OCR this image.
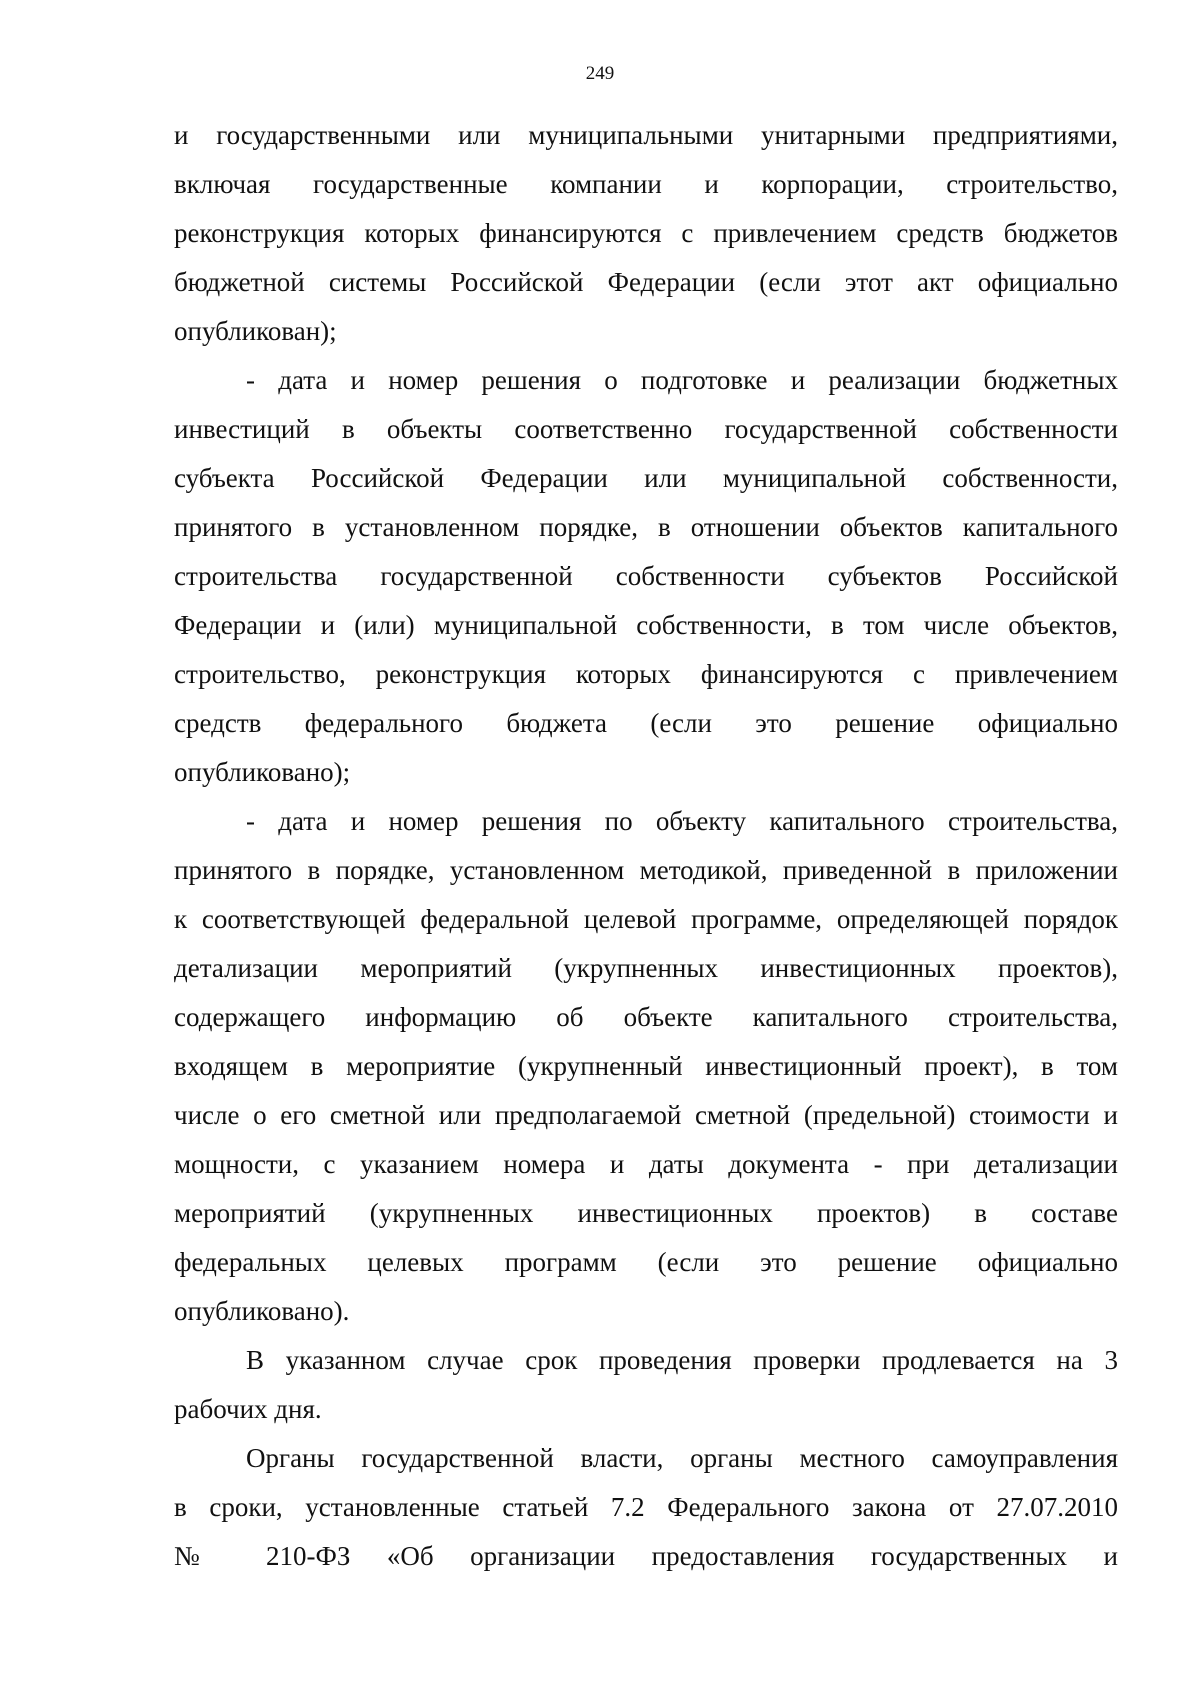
249
и государственными или муниципальными унитарными предприятиями,
включая государственные компании и корпорации, строительство,
реконструкция которых финансируются с привлечением средств бюджетов
бюджетной системы Российской Федерации (если этот акт официально
опубликован);
- дата и номер решения о подготовке и реализации бюджетных
инвестиций в объекты соответственно государственной собственности
субъекта Российской Федерации или муниципальной собственности,
принятого в установленном порядке, в отношении объектов капитального
строительства государственной собственности субъектов Российской
Федерации и (или) муниципальной собственности, в том числе объектов,
строительство, реконструкция которых финансируются с привлечением
средств федерального бюджета (если это решение официально
опубликовано);
- дата и номер решения по объекту капитального строительства,
принятого в порядке, установленном методикой, приведенной в приложении
к соответствующей федеральной целевой программе, определяющей порядок
детализации мероприятий (укрупненных инвестиционных проектов),
содержащего информацию об объекте капитального строительства,
входящем в мероприятие (укрупненный инвестиционный проект), в том
числе о его сметной или предполагаемой сметной (предельной) стоимости и
мощности, с указанием номера и даты документа - при детализации
мероприятий (укрупненных инвестиционных проектов) в составе
федеральных целевых программ (если это решение официально
опубликовано).
В указанном случае срок проведения проверки продлевается на 3
рабочих дня.
Органы государственной власти, органы местного самоуправления
в сроки, установленные статьей 7.2 Федерального закона от 27.07.2010
№ 210-ФЗ «Об организации предоставления государственных и
